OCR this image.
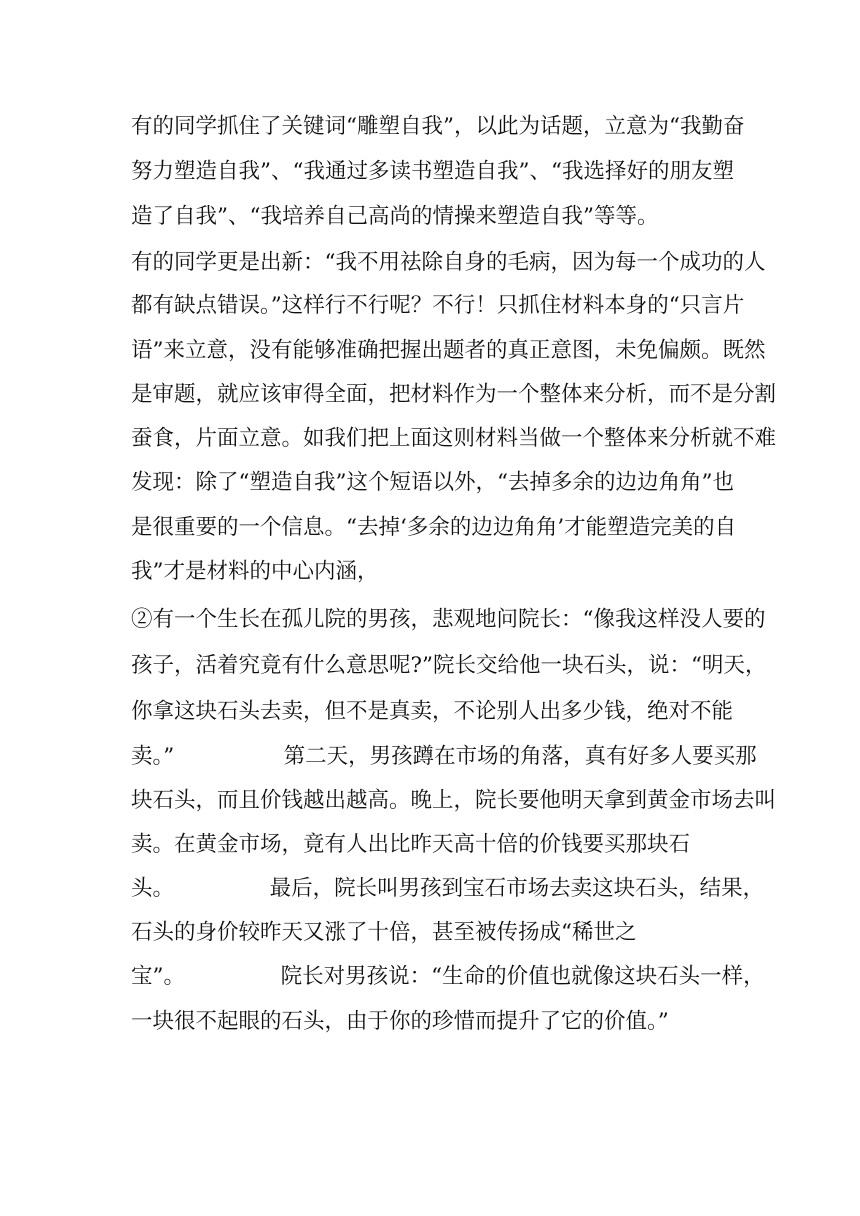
有的同学抓住了关键词“雕塑自我”，以此为话题，立意为“我勤奋
努力塑造自我”、“我通过多读书塑造自我”、“我选择好的朋友塑
造了自我”、“我培养自己高尚的情操来塑造自我”等等。
有的同学更是出新：“我不用祛除自身的毛病，因为每一个成功的人
都有缺点错误。”这样行不行呢？不行！只抓住材料本身的“只言片
语”来立意，没有能够准确把握出题者的真正意图，未免偏颇。既然
是审题，就应该审得全面，把材料作为一个整体来分析，而不是分割
蚕食，片面立意。如我们把上面这则材料当做一个整体来分析就不难
发现：除了“塑造自我”这个短语以外，“去掉多余的边边角角”也
是很重要的一个信息。“去掉‘多余的边边角角’才能塑造完美的自
我”才是材料的中心内涵，
②有一个生长在孤儿院的男孩，悲观地问院长：“像我这样没人要的
孩子，活着究竟有什么意思呢?”院长交给他一块石头，说：“明天，
你拿这块石头去卖，但不是真卖，不论别人出多少钱，绝对不能
卖。”                第二天，男孩蹲在市场的角落，真有好多人要买那
块石头，而且价钱越出越高。晚上，院长要他明天拿到黄金市场去叫
卖。在黄金市场，竟有人出比昨天高十倍的价钱要买那块石
头。              最后，院长叫男孩到宝石市场去卖这块石头，结果，
石头的身价较昨天又涨了十倍，甚至被传扬成“稀世之
宝”。              院长对男孩说：“生命的价值也就像这块石头一样，
一块很不起眼的石头，由于你的珍惜而提升了它的价值。”
